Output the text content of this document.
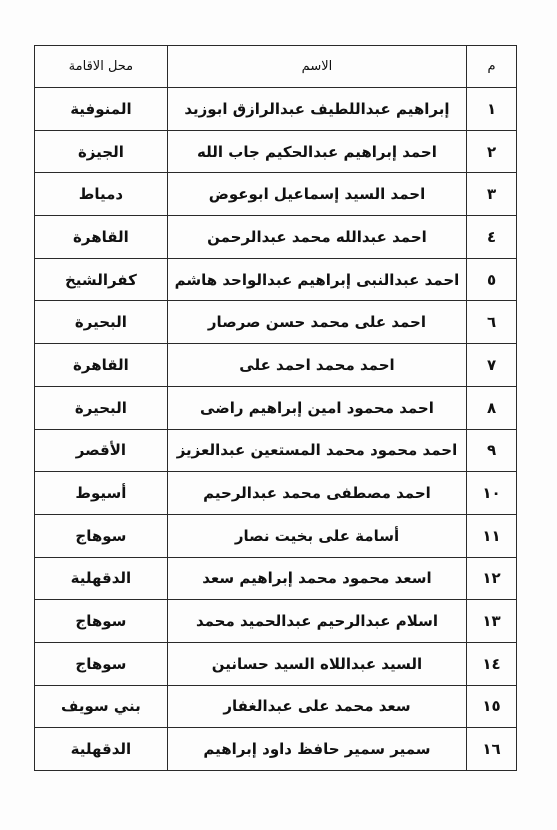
م	الاسم	محل الاقامة
١	إبراهيم عبداللطيف عبدالرازق ابوزيد	المنوفية
٢	احمد إبراهيم عبدالحكيم جاب الله	الجيزة
٣	احمد السيد إسماعيل ابوعوض	دمياط
٤	احمد عبدالله محمد عبدالرحمن	القاهرة
٥	احمد عبدالنبى إبراهيم عبدالواحد هاشم	كفرالشيخ
٦	احمد على محمد حسن صرصار	البحيرة
٧	احمد محمد احمد على	القاهرة
٨	احمد محمود امين إبراهيم راضى	البحيرة
٩	احمد محمود محمد المستعين عبدالعزيز	الأقصر
١٠	احمد مصطفى محمد عبدالرحيم	أسيوط
١١	أسامة على بخيت نصار	سوهاج
١٢	اسعد محمود محمد إبراهيم سعد	الدقهلية
١٣	اسلام عبدالرحيم عبدالحميد محمد	سوهاج
١٤	السيد عبداللاه السيد حسانين	سوهاج
١٥	سعد محمد على عبدالغفار	بني سويف
١٦	سمير سمير حافظ داود إبراهيم	الدقهلية
